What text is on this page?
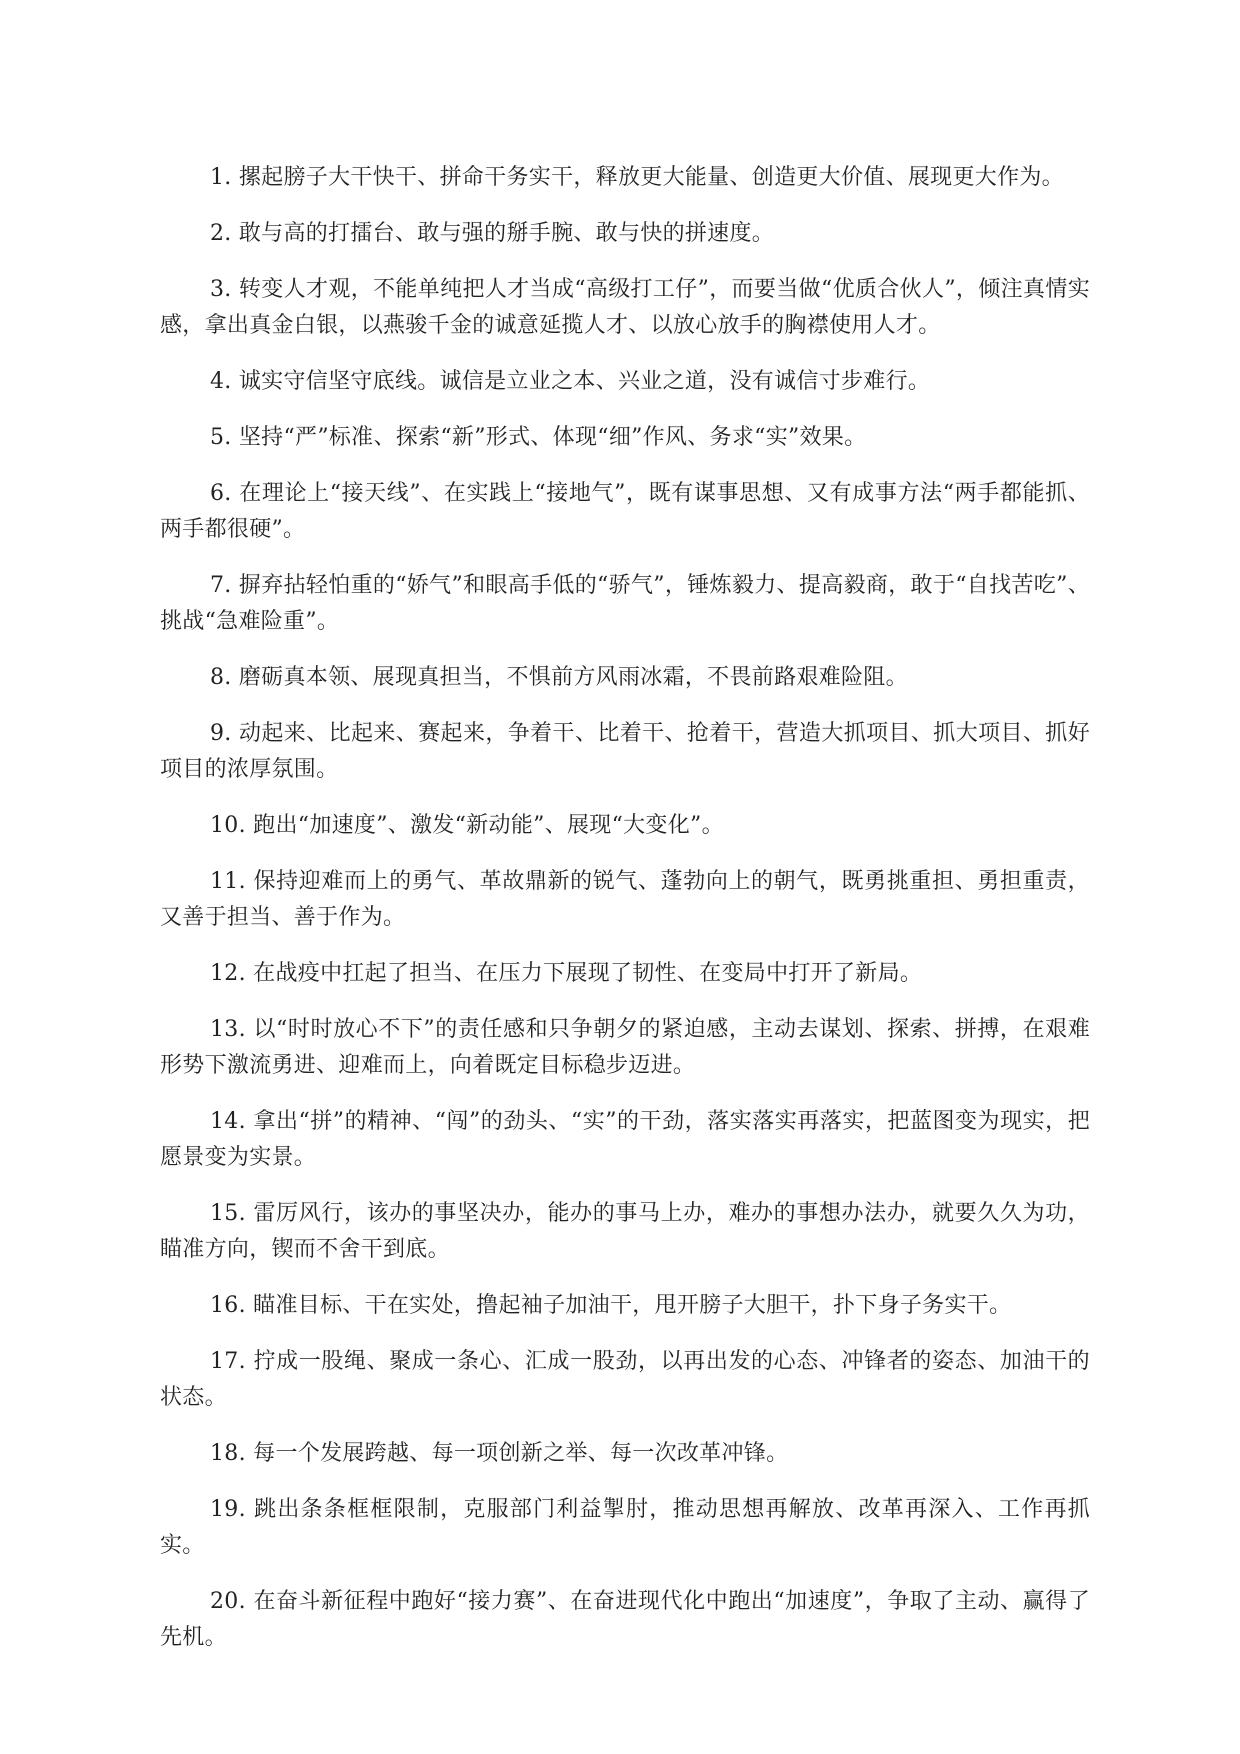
1. 摞起膀子大干快干、拼命干务实干，释放更大能量、创造更大价值、展现更大作为。

2. 敢与高的打擂台、敢与强的掰手腕、敢与快的拼速度。

3. 转变人才观，不能单纯把人才当成“高级打工仔”，而要当做“优质合伙人”，倾注真情实感，拿出真金白银，以燕骏千金的诚意延揽人才、以放心放手的胸襟使用人才。

4. 诚实守信坚守底线。诚信是立业之本、兴业之道，没有诚信寸步难行。

5. 坚持“严”标准、探索“新”形式、体现“细”作风、务求“实”效果。

6. 在理论上“接天线”、在实践上“接地气”，既有谋事思想、又有成事方法“两手都能抓、两手都很硬”。

7. 摒弃拈轻怕重的“娇气”和眼高手低的“骄气”，锤炼毅力、提高毅商，敢于“自找苦吃”、挑战“急难险重”。

8. 磨砺真本领、展现真担当，不惧前方风雨冰霜，不畏前路艰难险阻。

9. 动起来、比起来、赛起来，争着干、比着干、抢着干，营造大抓项目、抓大项目、抓好项目的浓厚氛围。

10. 跑出“加速度”、激发“新动能”、展现“大变化”。

11. 保持迎难而上的勇气、革故鼎新的锐气、蓬勃向上的朝气，既勇挑重担、勇担重责，又善于担当、善于作为。

12. 在战疫中扛起了担当、在压力下展现了韧性、在变局中打开了新局。

13. 以“时时放心不下”的责任感和只争朝夕的紧迫感，主动去谋划、探索、拼搏，在艰难形势下激流勇进、迎难而上，向着既定目标稳步迈进。

14. 拿出“拼”的精神、“闯”的劲头、“实”的干劲，落实落实再落实，把蓝图变为现实，把愿景变为实景。

15. 雷厉风行，该办的事坚决办，能办的事马上办，难办的事想办法办，就要久久为功，瞄准方向，锲而不舍干到底。

16. 瞄准目标、干在实处，撸起袖子加油干，甩开膀子大胆干，扑下身子务实干。

17. 拧成一股绳、聚成一条心、汇成一股劲，以再出发的心态、冲锋者的姿态、加油干的状态。

18. 每一个发展跨越、每一项创新之举、每一次改革冲锋。

19. 跳出条条框框限制，克服部门利益掣肘，推动思想再解放、改革再深入、工作再抓实。

20. 在奋斗新征程中跑好“接力赛”、在奋进现代化中跑出“加速度”，争取了主动、赢得了先机。
